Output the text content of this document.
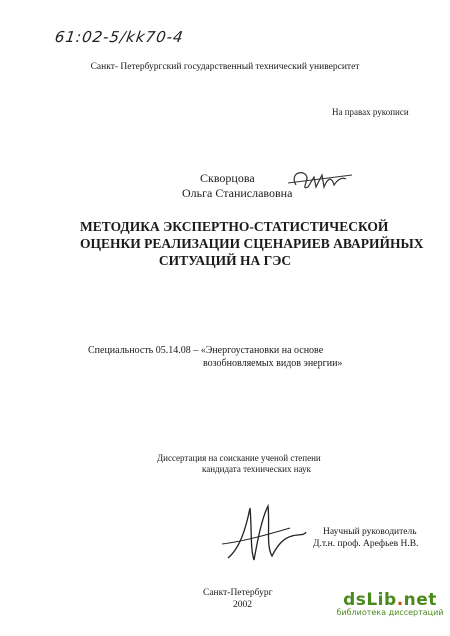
61:02-5/kk70-4
Санкт- Петербургский государственный технический университет
На правах рукописи
Скворцова
Ольга Станиславовна
МЕТОДИКА ЭКСПЕРТНО-СТАТИСТИЧЕСКОЙ
ОЦЕНКИ РЕАЛИЗАЦИИ СЦЕНАРИЕВ АВАРИЙНЫХ
СИТУАЦИЙ НА ГЭС
Специальность 05.14.08 – «Энергоустановки на основе
возобновляемых видов энергии»
Диссертация на соискание ученой степени
кандидата технических наук
Научный руководитель
Д.т.н. проф. Арефьев Н.В.
Санкт-Петербург
2002	dsLib.net
библиотека диссертаций
